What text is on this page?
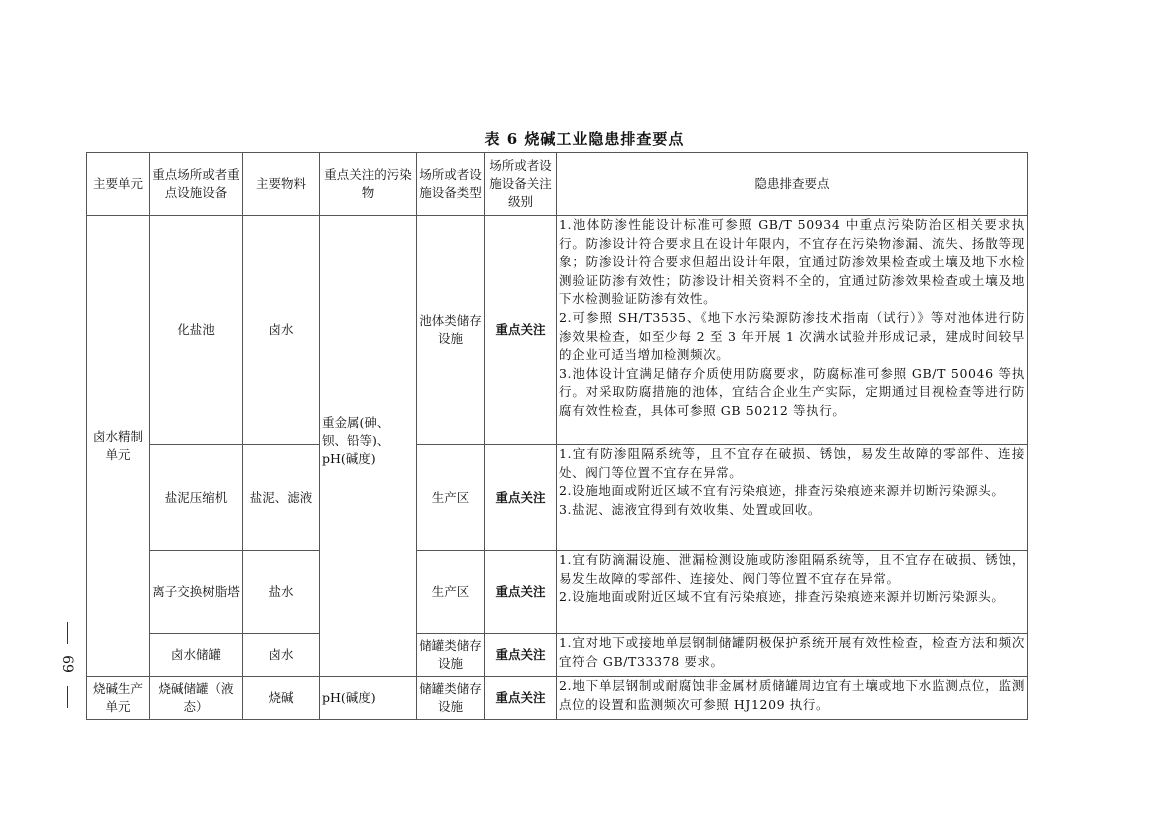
表 6 烧碱工业隐患排查要点
主要单元	重点场所或者重点设施设备	主要物料	重点关注的污染物	场所或者设施设备类型	场所或者设施设备关注级别	隐患排查要点
卤水精制单元	化盐池	卤水	重金属(砷、钡、铅等)、pH(碱度)	池体类储存设施	重点关注	1.池体防渗性能设计标准可参照 GB/T 50934 中重点污染防治区相关要求执行。防渗设计符合要求且在设计年限内，不宜存在污染物渗漏、流失、扬散等现象；防渗设计符合要求但超出设计年限，宜通过防渗效果检查或土壤及地下水检测验证防渗有效性；防渗设计相关资料不全的，宜通过防渗效果检查或土壤及地下水检测验证防渗有效性。

2.可参照 SH/T3535、《地下水污染源防渗技术指南（试行）》等对池体进行防渗效果检查，如至少每 2 至 3 年开展 1 次满水试验并形成记录，建成时间较早的企业可适当增加检测频次。

3.池体设计宜满足储存介质使用防腐要求，防腐标准可参照 GB/T 50046 等执行。对采取防腐措施的池体，宜结合企业生产实际，定期通过目视检查等进行防腐有效性检查，具体可参照 GB 50212 等执行。

	盐泥压缩机	盐泥、滤液		生产区	重点关注	1.宜有防渗阻隔系统等，且不宜存在破损、锈蚀，易发生故障的零部件、连接处、阀门等位置不宜存在异常。

2.设施地面或附近区域不宜有污染痕迹，排查污染痕迹来源并切断污染源头。

3.盐泥、滤液宜得到有效收集、处置或回收。

	离子交换树脂塔	盐水		生产区	重点关注	1.宜有防滴漏设施、泄漏检测设施或防渗阻隔系统等，且不宜存在破损、锈蚀，易发生故障的零部件、连接处、阀门等位置不宜存在异常。

2.设施地面或附近区域不宜有污染痕迹，排查污染痕迹来源并切断污染源头。

	卤水储罐	卤水		储罐类储存设施	重点关注	1.宜对地下或接地单层钢制储罐阴极保护系统开展有效性检查，检查方法和频次宜符合 GB/T33378 要求。

烧碱生产单元	烧碱储罐（液态）	烧碱	pH(碱度)	储罐类储存设施	重点关注	2.地下单层钢制或耐腐蚀非金属材质储罐周边宜有土壤或地下水监测点位，监测点位的设置和监测频次可参照 HJ1209 执行。

69
